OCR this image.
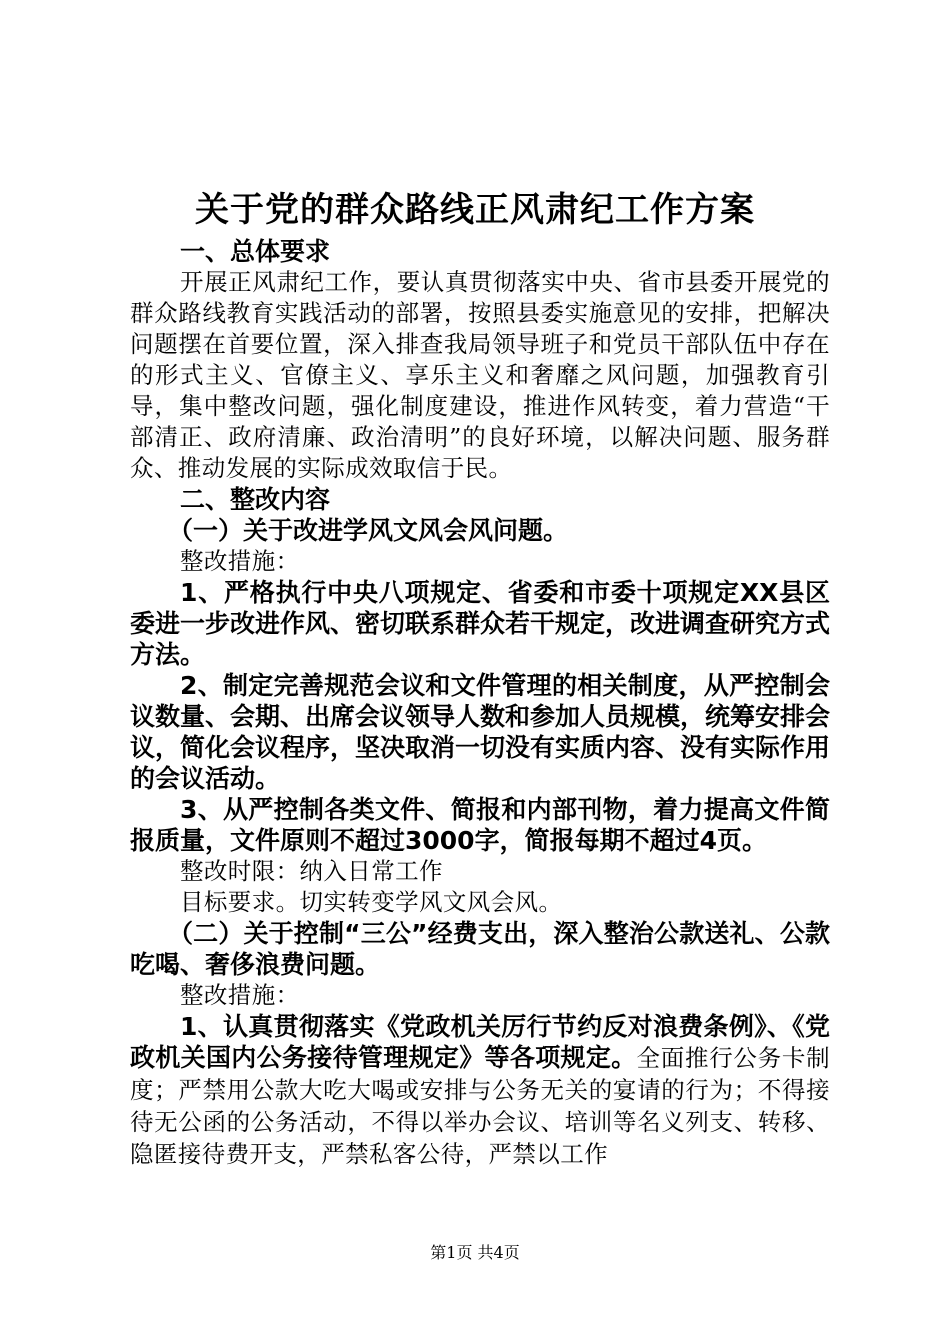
关于党的群众路线正风肃纪工作方案

一、总体要求

开展正风肃纪工作，要认真贯彻落实中央、省市县委开展党的群众路线教育实践活动的部署，按照县委实施意见的安排，把解决问题摆在首要位置，深入排查我局领导班子和党员干部队伍中存在的形式主义、官僚主义、享乐主义和奢靡之风问题，加强教育引导，集中整改问题，强化制度建设，推进作风转变，着力营造“干部清正、政府清廉、政治清明”的良好环境，以解决问题、服务群众、推动发展的实际成效取信于民。

二、整改内容

（一）关于改进学风文风会风问题。

整改措施：

1、严格执行中央八项规定、省委和市委十项规定XX县区委进一步改进作风、密切联系群众若干规定，改进调查研究方式方法。

2、制定完善规范会议和文件管理的相关制度，从严控制会议数量、会期、出席会议领导人数和参加人员规模，统筹安排会议，简化会议程序，坚决取消一切没有实质内容、没有实际作用的会议活动。

3、从严控制各类文件、简报和内部刊物，着力提高文件简报质量，文件原则不超过3000字，简报每期不超过4页。

整改时限：纳入日常工作

目标要求。切实转变学风文风会风。

（二）关于控制“三公”经费支出，深入整治公款送礼、公款吃喝、奢侈浪费问题。

整改措施：

1、认真贯彻落实《党政机关厉行节约反对浪费条例》、《党政机关国内公务接待管理规定》等各项规定。全面推行公务卡制度；严禁用公款大吃大喝或安排与公务无关的宴请的行为；不得接待无公函的公务活动，不得以举办会议、培训等名义列支、转移、隐匿接待费开支，严禁私客公待，严禁以工作

第1页 共4页
